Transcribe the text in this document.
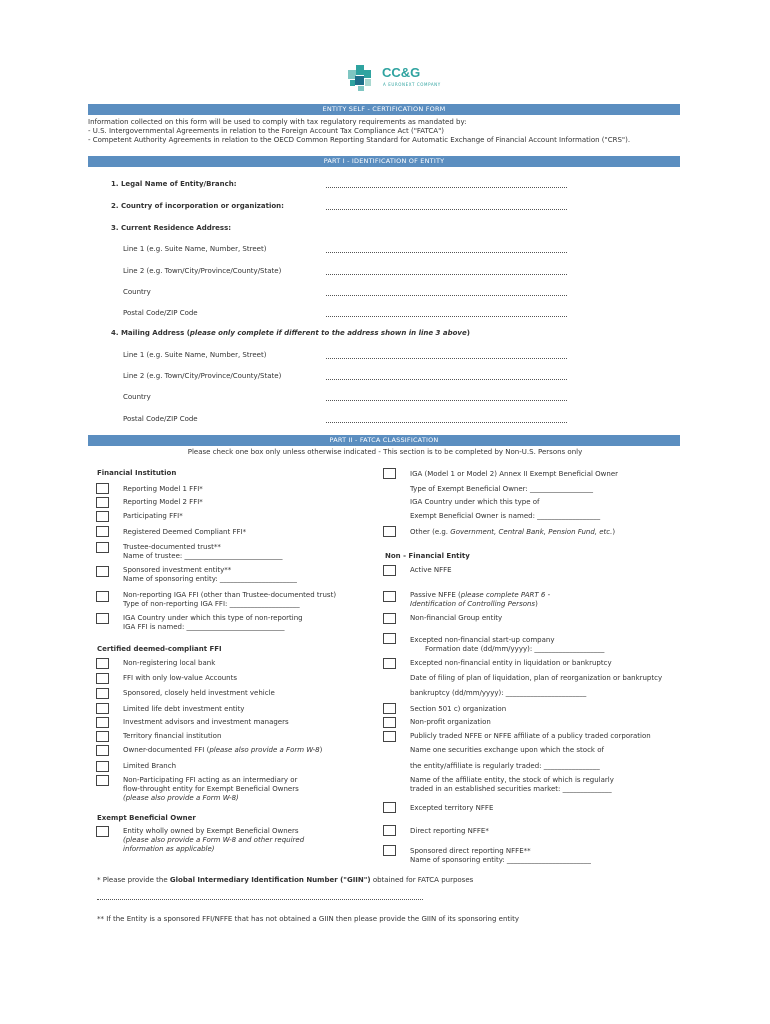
CC&G
A EURONEXT COMPANY
ENTITY SELF - CERTIFICATION FORM
Information collected on this form will be used to comply with tax regulatory requirements as mandated by:
- U.S. Intergovernmental Agreements in relation to the Foreign Account Tax Compliance Act ("FATCA")
- Competent Authority Agreements in relation to the OECD Common Reporting Standard for Automatic Exchange of Financial Account Information ("CRS").
PART I - IDENTIFICATION OF ENTITY
1. Legal Name of Entity/Branch:
2. Country of incorporation or organization:
3. Current Residence Address:
Line 1 (e.g. Suite Name, Number, Street)
Line 2 (e.g. Town/City/Province/County/State)
Country
Postal Code/ZIP Code
4. Mailing Address (please only complete if different to the address shown in line 3 above)
Line 1 (e.g. Suite Name, Number, Street)
Line 2 (e.g. Town/City/Province/County/State)
Country
Postal Code/ZIP Code
PART II - FATCA CLASSIFICATION
Please check one box only unless otherwise indicated - This section is to be completed by Non-U.S. Persons only
Financial Institution
Reporting Model 1 FFI*
Reporting Model 2 FFI*
Participating FFI*
Registered Deemed Compliant FFI*
Trustee-documented trust**
Name of trustee: ____________________________
Sponsored investment entity**
Name of sponsoring entity: ______________________
Non-reporting IGA FFI (other than Trustee-documented trust)
Type of non-reporting IGA FFI: ____________________
IGA Country under which this type of non-reporting
IGA FFI is named: ____________________________
Certified deemed-compliant FFI
Non-registering local bank
FFI with only low-value Accounts
Sponsored, closely held investment vehicle
Limited life debt investment entity
Investment advisors and investment managers
Territory financial institution
Owner-documented FFI (please also provide a Form W-8)
Limited Branch
Non-Participating FFI acting as an intermediary or
flow-throught entity for Exempt Beneficial Owners
(please also provide a Form W-8)
Exempt Beneficial Owner
Entity wholly owned by Exempt Beneficial Owners
(please also provide a Form W-8 and other required
information as applicable)
IGA (Model 1 or Model 2) Annex II Exempt Beneficial Owner
Type of Exempt Beneficial Owner: __________________
IGA Country under which this type of
Exempt Beneficial Owner is named: __________________
Other (e.g. Government, Central Bank, Pension Fund, etc.)
Non - Financial Entity
Active NFFE
Passive NFFE (please complete PART 6 -
Identification of Controlling Persons)
Non-financial Group entity
Excepted non-financial start-up company
Formation date (dd/mm/yyyy): ____________________
Excepted non-financial entity in liquidation or bankruptcy
Date of filing of plan of liquidation, plan of reorganization or bankruptcy
bankruptcy (dd/mm/yyyy): _______________________
Section 501 c) organization
Non-profit organization
Publicly traded NFFE or NFFE affiliate of a publicy traded corporation
Name one securities exchange upon which the stock of
the entity/affiliate is regularly traded: ________________
Name of the affiliate entity, the stock of which is regularly
traded in an established securities market: ______________
Excepted territory NFFE
Direct reporting NFFE*
Sponsored direct reporting NFFE**
Name of sponsoring entity: ________________________
* Please provide the Global Intermediary Identification Number ("GIIN") obtained for FATCA purposes
** If the Entity is a sponsored FFI/NFFE that has not obtained a GIIN then please provide the GIIN of its sponsoring entity
